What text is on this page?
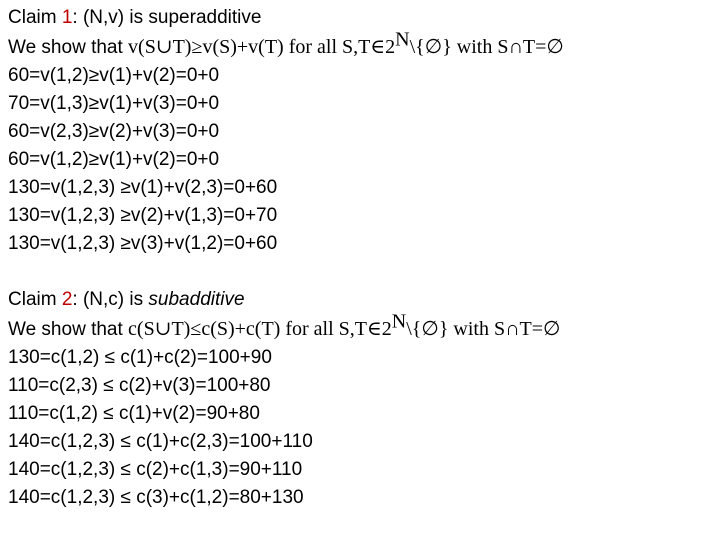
Claim 1: (N,v) is superadditive
We show that v(S∪T)≥v(S)+v(T) for all $S,T\in 2^N\backslash\{\emptyset\}$ with S∩T=∅
60=v(1,2)≥v(1)+v(2)=0+0
70=v(1,3)≥v(1)+v(3)=0+0
60=v(2,3)≥v(2)+v(3)=0+0
60=v(1,2)≥v(1)+v(2)=0+0
130=v(1,2,3) ≥v(1)+v(2,3)=0+60
130=v(1,2,3) ≥v(2)+v(1,3)=0+70
130=v(1,2,3) ≥v(3)+v(1,2)=0+60
Claim 2: (N,c) is subadditive
We show that c(S∪T)≤c(S)+c(T) for all $S,T\in 2^N\backslash\{\emptyset\}$ with S∩T=∅
130=c(1,2) ≤ c(1)+c(2)=100+90
110=c(2,3) ≤ c(2)+v(3)=100+80
110=c(1,2) ≤ c(1)+v(2)=90+80
140=c(1,2,3) ≤ c(1)+c(2,3)=100+110
140=c(1,2,3) ≤ c(2)+c(1,3)=90+110
140=c(1,2,3) ≤ c(3)+c(1,2)=80+130
